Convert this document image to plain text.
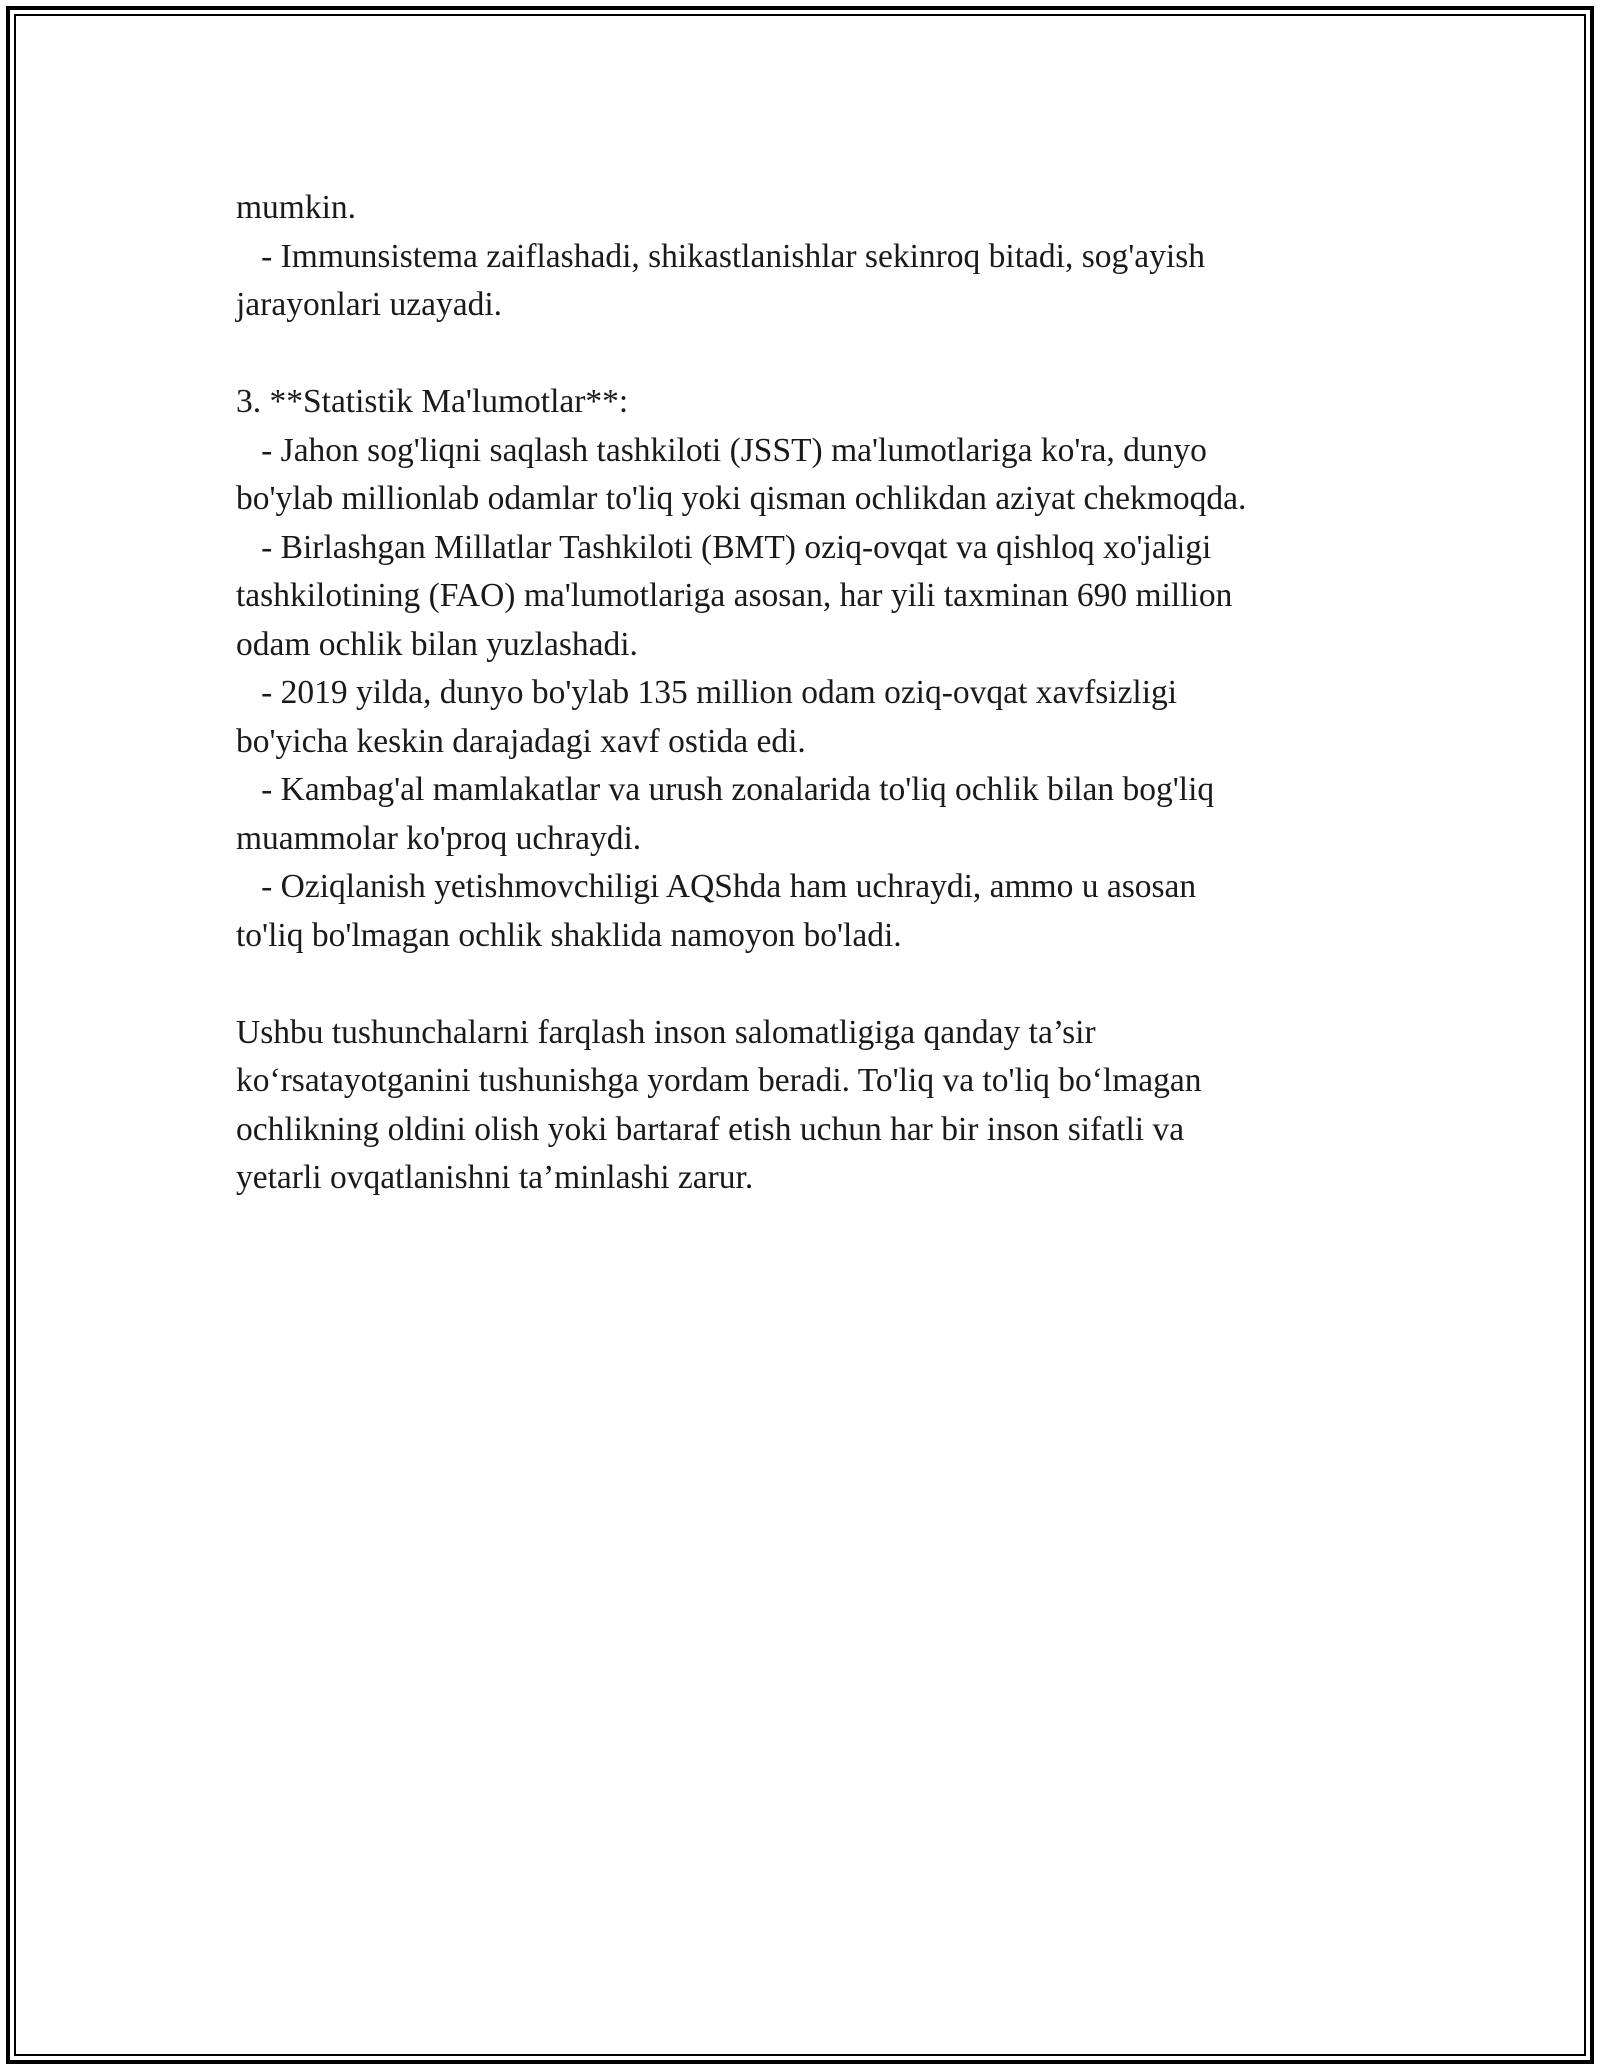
mumkin.

- Immunsistema zaiflashadi, shikastlanishlar sekinroq bitadi, sog'ayish

jarayonlari uzayadi.

3. **Statistik Ma'lumotlar**:

- Jahon sog'liqni saqlash tashkiloti (JSST) ma'lumotlariga ko'ra, dunyo

bo'ylab millionlab odamlar to'liq yoki qisman ochlikdan aziyat chekmoqda.

- Birlashgan Millatlar Tashkiloti (BMT) oziq-ovqat va qishloq xo'jaligi

tashkilotining (FAO) ma'lumotlariga asosan, har yili taxminan 690 million

odam ochlik bilan yuzlashadi.

- 2019 yilda, dunyo bo'ylab 135 million odam oziq-ovqat xavfsizligi

bo'yicha keskin darajadagi xavf ostida edi.

- Kambag'al mamlakatlar va urush zonalarida to'liq ochlik bilan bog'liq

muammolar ko'proq uchraydi.

- Oziqlanish yetishmovchiligi AQShda ham uchraydi, ammo u asosan

to'liq bo'lmagan ochlik shaklida namoyon bo'ladi.

Ushbu tushunchalarni farqlash inson salomatligiga qanday ta’sir

ko‘rsatayotganini tushunishga yordam beradi. To'liq va to'liq bo‘lmagan

ochlikning oldini olish yoki bartaraf etish uchun har bir inson sifatli va

yetarli ovqatlanishni ta’minlashi zarur.
